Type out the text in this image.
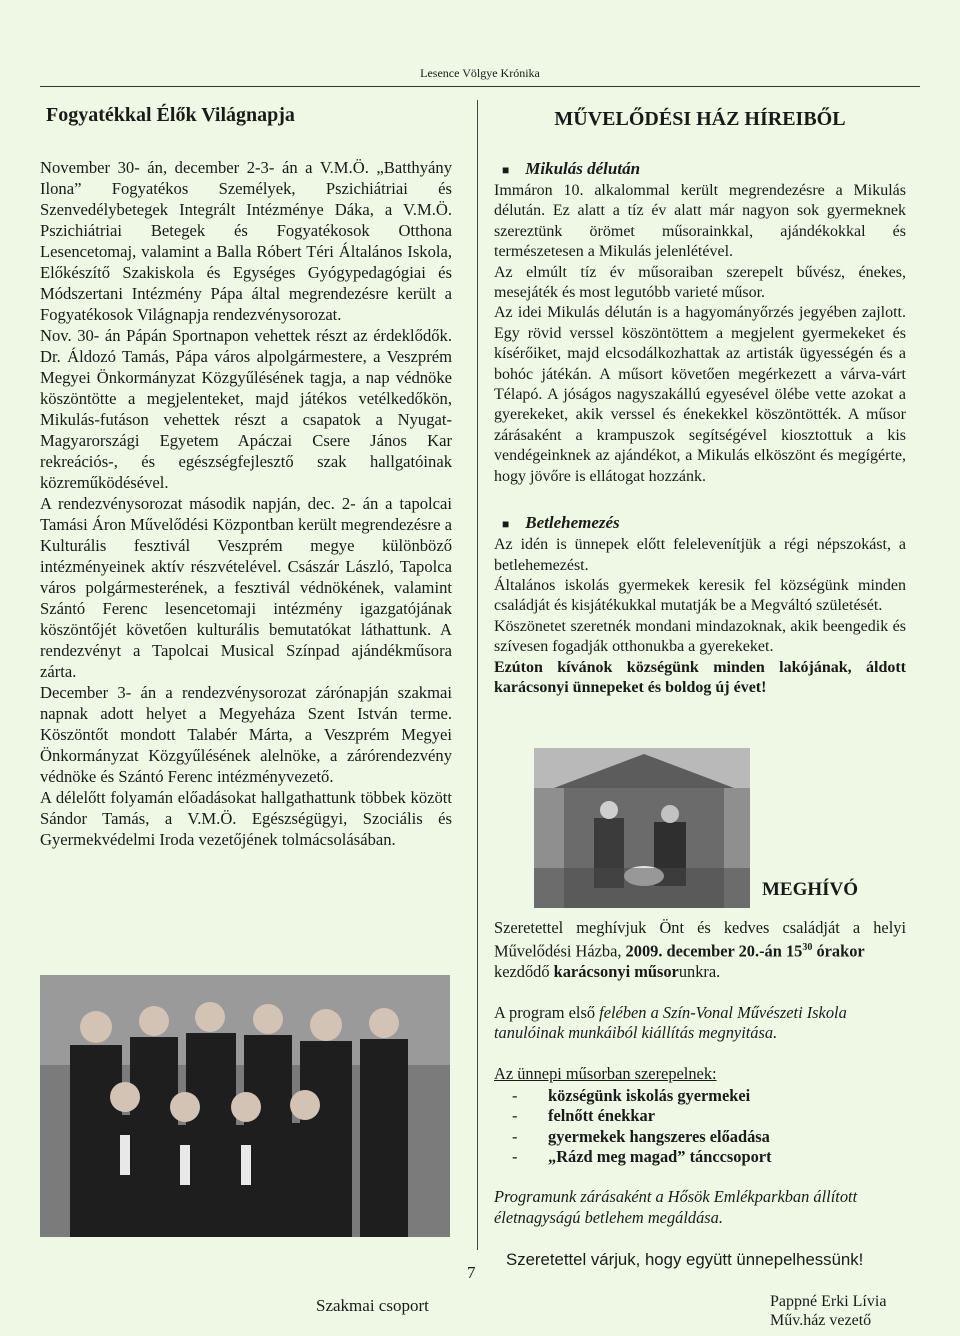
Lesence Völgye Krónika
Fogyatékkal Élők Világnapja

November 30- án, december 2-3- án a V.M.Ö. „Batthyány Ilona” Fogyatékos Személyek, Pszichiátriai és Szenvedélybetegek Integrált Intézménye Dáka, a V.M.Ö. Pszichiátriai Betegek és Fogyatékosok Otthona Lesencetomaj, valamint a Balla Róbert Téri Általános Iskola, Előkészítő Szakiskola és Egységes Gyógypedagógiai és Módszertani Intézmény Pápa által megrendezésre került a Fogyatékosok Világnapja rendezvénysorozat.

Nov. 30- án Pápán Sportnapon vehettek részt az érdeklődők. Dr. Áldozó Tamás, Pápa város alpolgármestere, a Veszprém Megyei Önkormányzat Közgyűlésének tagja, a nap védnöke köszöntötte a megjelenteket, majd játékos vetélkedőkön, Mikulás-futáson vehettek részt a csapatok a Nyugat-Magyarországi Egyetem Apáczai Csere János Kar rekreációs-, és egészségfejlesztő szak hallgatóinak közreműködésével.

A rendezvénysorozat második napján, dec. 2- án a tapolcai Tamási Áron Művelődési Központban került megrendezésre a Kulturális fesztivál Veszprém megye különböző intézményeinek aktív részvételével. Császár László, Tapolca város polgármesterének, a fesztivál védnökének, valamint Szántó Ferenc lesencetomaji intézmény igazgatójának köszöntőjét követően kulturális bemutatókat láthattunk. A rendezvényt a Tapolcai Musical Színpad ajándékműsora zárta.

December 3- án a rendezvénysorozat zárónapján szakmai napnak adott helyet a Megyeháza Szent István terme. Köszöntőt mondott Talabér Márta, a Veszprém Megyei Önkormányzat Közgyűlésének alelnöke, a zárórendezvény védnöke és Szántó Ferenc intézményvezető.

A délelőtt folyamán előadásokat hallgathattunk többek között Sándor Tamás, a V.M.Ö. Egészségügyi, Szociális és Gyermekvédelmi Iroda vezetőjének tolmácsolásában.

Szakmai csoport
MŰVELŐDÉSI HÁZ HÍREIBŐL
■ Mikulás délután

Immáron 10. alkalommal került megrendezésre a Mikulás délután. Ez alatt a tíz év alatt már nagyon sok gyermeknek szereztünk örömet műsorainkkal, ajándékokkal és természetesen a Mikulás jelenlétével.

Az elmúlt tíz év műsoraiban szerepelt bűvész, énekes, mesejáték és most legutóbb varieté műsor.

Az idei Mikulás délután is a hagyományőrzés jegyében zajlott. Egy rövid verssel köszöntöttem a megjelent gyermekeket és kísérőiket, majd elcsodálkozhattak az artisták ügyességén és a bohóc játékán. A műsort követően megérkezett a várva-várt Télapó. A jóságos nagyszakállú egyesével ölébe vette azokat a gyerekeket, akik verssel és énekekkel köszöntötték. A műsor zárásaként a krampuszok segítségével kiosztottuk a kis vendégeinknek az ajándékot, a Mikulás elköszönt és megígérte, hogy jövőre is ellátogat hozzánk.

■ Betlehemezés

Az idén is ünnepek előtt felelevenítjük a régi népszokást, a betlehemezést.

Általános iskolás gyermekek keresik fel községünk minden családját és kisjátékukkal mutatják be a Megváltó születését.

Köszönetet szeretnék mondani mindazoknak, akik beengedik és szívesen fogadják otthonukba a gyerekeket.

Ezúton kívánok községünk minden lakójának, áldott karácsonyi ünnepeket és boldog új évet!

MEGHÍVÓ
Szeretettel meghívjuk Önt és kedves családját a helyi Művelődési Házba, 2009. december 20.-án $15^{30}$ órakor
kezdődő karácsonyi műsorunkra.
A program első felében a Szín-Vonal Művészeti Iskola tanulóinak munkáiból kiállítás megnyitása.
Az ünnepi műsorban szerepelnek:
- községünk iskolás gyermekei
- felnőtt énekkar
- gyermekek hangszeres előadása
- „Rázd meg magad” tánccsoport
Programunk zárásaként a Hősök Emlékparkban állított életnagyságú betlehem megáldása.
Szeretettel várjuk, hogy együtt ünnepelhessünk!
7
Pappné Erki Lívia
Műv.ház vezető
